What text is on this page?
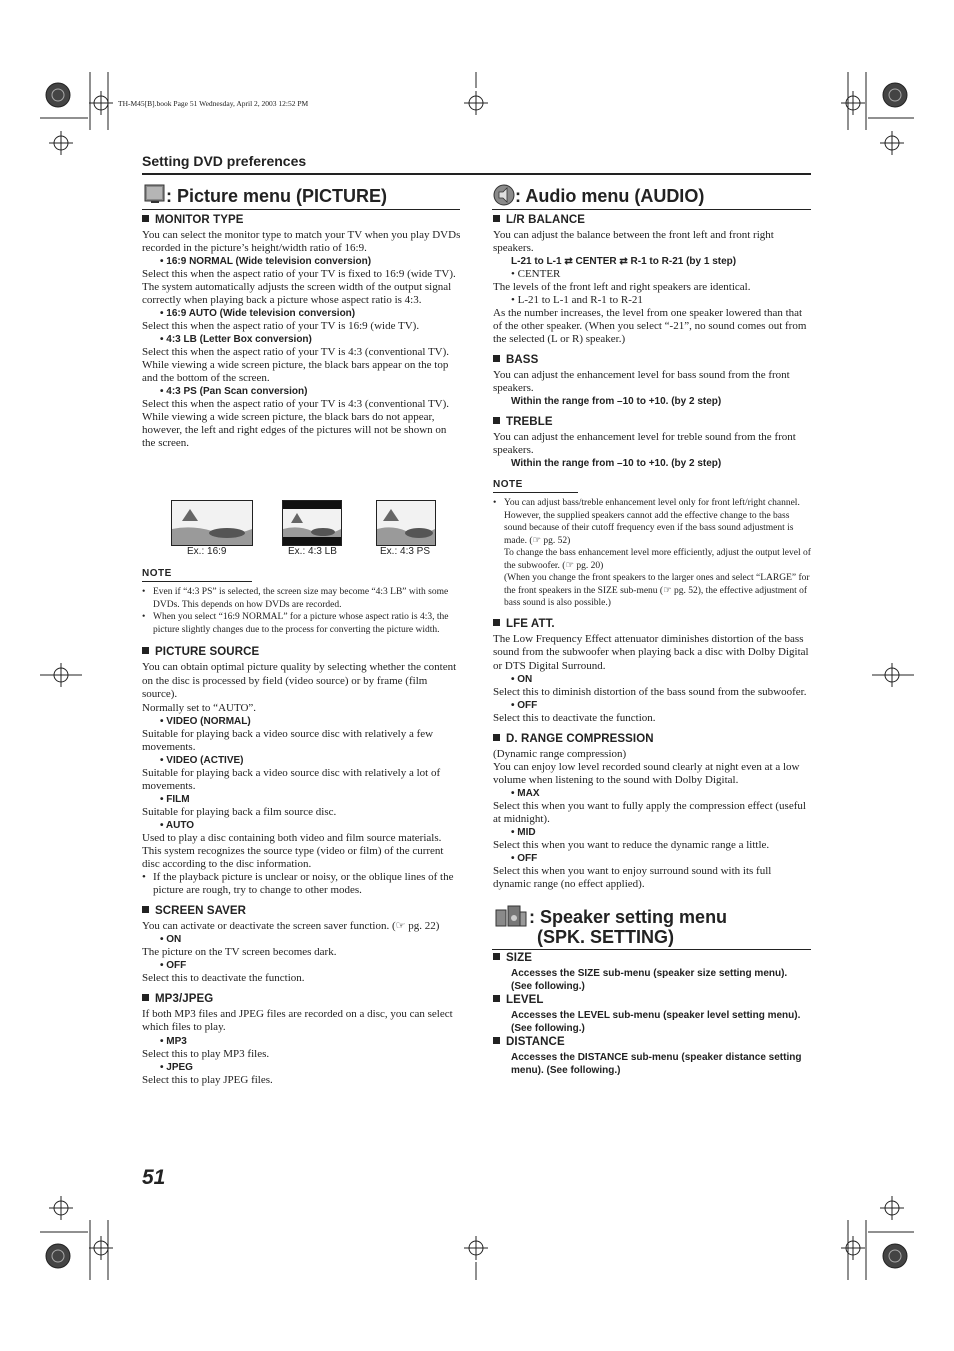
TH-M45[B].book Page 51 Wednesday, April 2, 2003 12:52 PM
Setting DVD preferences
: Picture menu (PICTURE)	: Audio menu (AUDIO)
MONITOR TYPE

You can select the monitor type to match your TV when you play DVDs recorded in the picture’s height/width ratio of 16:9.

• 16:9 NORMAL (Wide television conversion)

Select this when the aspect ratio of your TV is fixed to 16:9 (wide TV).

The system automatically adjusts the screen width of the output signal correctly when playing back a picture whose aspect ratio is 4:3.

• 16:9 AUTO (Wide television conversion)

Select this when the aspect ratio of your TV is 16:9 (wide TV).

• 4:3 LB (Letter Box conversion)

Select this when the aspect ratio of your TV is 4:3 (conventional TV). While viewing a wide screen picture, the black bars appear on the top and the bottom of the screen.

• 4:3 PS (Pan Scan conversion)

Select this when the aspect ratio of your TV is 4:3 (conventional TV). While viewing a wide screen picture, the black bars do not appear, however, the left and right edges of the pictures will not be shown on the screen.

Ex.: 16:9	Ex.: 4:3 LB	Ex.: 4:3 PS
NOTE

• Even if “4:3 PS” is selected, the screen size may become “4:3 LB” with some DVDs. This depends on how DVDs are recorded.

• When you select “16:9 NORMAL” for a picture whose aspect ratio is 4:3, the picture slightly changes due to the process for converting the picture width.

PICTURE SOURCE

You can obtain optimal picture quality by selecting whether the content on the disc is processed by field (video source) or by frame (film source).

Normally set to “AUTO”.

• VIDEO (NORMAL)

Suitable for playing back a video source disc with relatively a few movements.

• VIDEO (ACTIVE)

Suitable for playing back a video source disc with relatively a lot of movements.

• FILM

Suitable for playing back a film source disc.

• AUTO

Used to play a disc containing both video and film source materials.

This system recognizes the source type (video or film) of the current disc according to the disc information.

• If the playback picture is unclear or noisy, or the oblique lines of the picture are rough, try to change to other modes.

SCREEN SAVER

You can activate or deactivate the screen saver function. (☞ pg. 22)

• ON

The picture on the TV screen becomes dark.

• OFF

Select this to deactivate the function.

MP3/JPEG

If both MP3 files and JPEG files are recorded on a disc, you can select which files to play.

• MP3

Select this to play MP3 files.

• JPEG

Select this to play JPEG files.

L/R BALANCE

You can adjust the balance between the front left and front right speakers.

L-21 to L-1 ⇄ CENTER ⇄ R-1 to R-21 (by 1 step)

• CENTER

The levels of the front left and right speakers are identical.

• L-21 to L-1 and R-1 to R-21

As the number increases, the level from one speaker lowered than that of the other speaker. (When you select “-21”, no sound comes out from the selected (L or R) speaker.)

BASS

You can adjust the enhancement level for bass sound from the front speakers.

Within the range from –10 to +10. (by 2 step)
TREBLE

You can adjust the enhancement level for treble sound from the front speakers.

Within the range from –10 to +10. (by 2 step)
NOTE

• You can adjust bass/treble enhancement level only for front left/right channel. However, the supplied speakers cannot add the effective change to the bass sound because of their cutoff frequency even if the bass sound adjustment is made. (☞ pg. 52)

To change the bass enhancement level more efficiently, adjust the output level of the subwoofer. (☞ pg. 20)

(When you change the front speakers to the larger ones and select “LARGE” for the front speakers in the SIZE sub-menu (☞ pg. 52), the effective adjustment of bass sound is also possible.)

LFE ATT.

The Low Frequency Effect attenuator diminishes distortion of the bass sound from the subwoofer when playing back a disc with Dolby Digital or DTS Digital Surround.

• ON

Select this to diminish distortion of the bass sound from the subwoofer.

• OFF

Select this to deactivate the function.

D. RANGE COMPRESSION

(Dynamic range compression)

You can enjoy low level recorded sound clearly at night even at a low volume when listening to the sound with Dolby Digital.

• MAX

Select this when you want to fully apply the compression effect (useful at midnight).

• MID

Select this when you want to reduce the dynamic range a little.

• OFF

Select this when you want to enjoy surround sound with its full dynamic range (no effect applied).

: Speaker setting menu
(SPK. SETTING)
SIZE
Accesses the SIZE sub-menu (speaker size setting menu). (See following.)
LEVEL
Accesses the LEVEL sub-menu (speaker level setting menu). (See following.)
DISTANCE
Accesses the DISTANCE sub-menu (speaker distance setting menu). (See following.)
51
